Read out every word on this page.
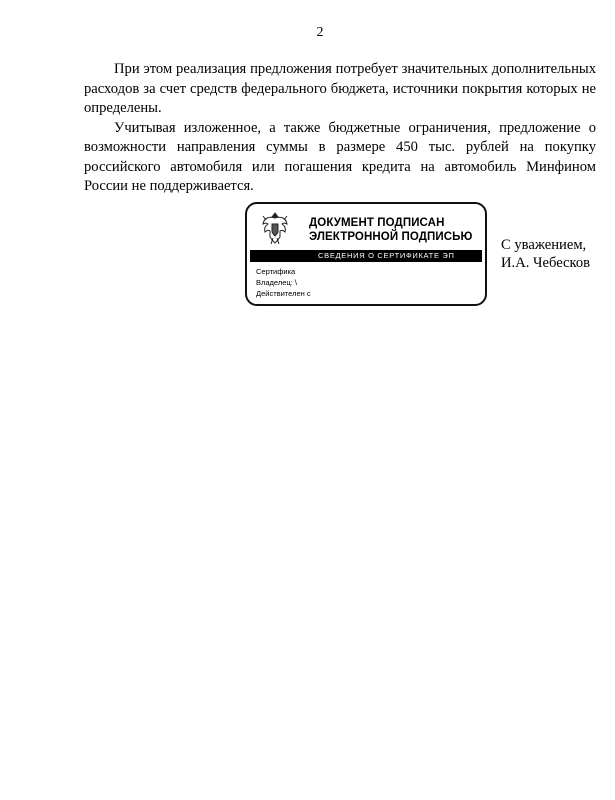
2

При этом реализация предложения потребует значительных дополнительных расходов за счет средств федерального бюджета, источники покрытия которых не определены.

Учитывая изложенное, а также бюджетные ограничения, предложение о возможности направления суммы в размере 450 тыс. рублей на покупку российского автомобиля или погашения кредита на автомобиль Минфином России не поддерживается.

ДОКУМЕНТ ПОДПИСАН
ЭЛЕКТРОННОЙ ПОДПИСЬЮ
СВЕДЕНИЯ О СЕРТИФИКАТЕ ЭП
Сертифика
Владелец: \
Действителен с
С уважением,
И.А. Чебесков
